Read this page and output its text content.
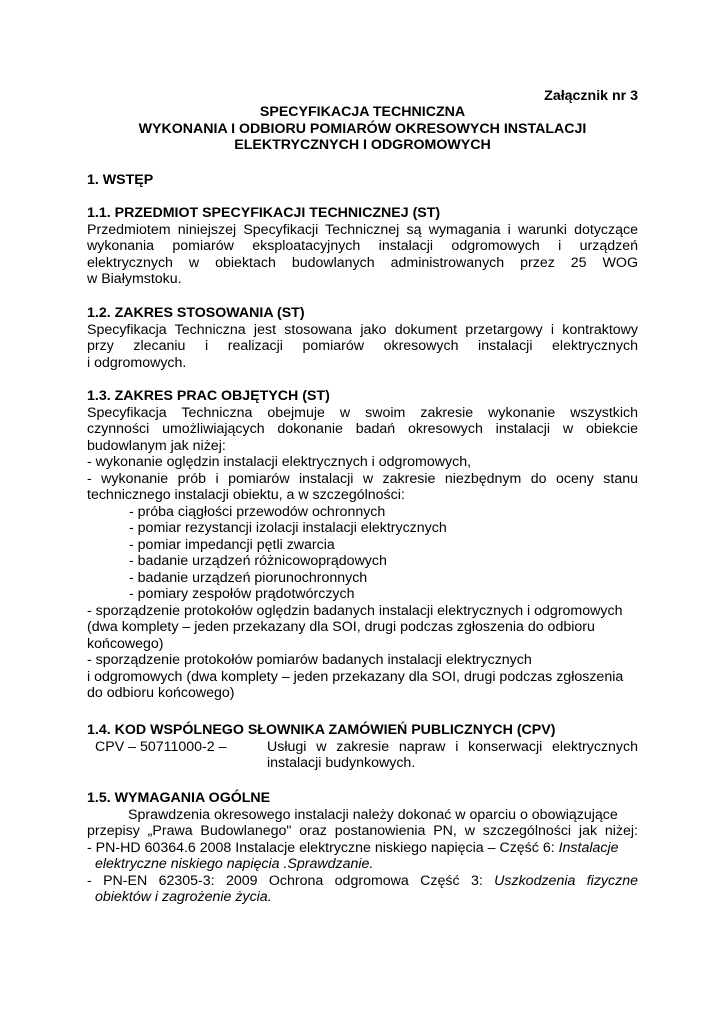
Załącznik nr 3
SPECYFIKACJA TECHNICZNA
WYKONANIA I ODBIORU POMIARÓW OKRESOWYCH INSTALACJI
ELEKTRYCZNYCH I ODGROMOWYCH
1. WSTĘP
1.1. PRZEDMIOT SPECYFIKACJI TECHNICZNEJ (ST)
Przedmiotem niniejszej Specyfikacji Technicznej są wymagania i warunki dotyczące
wykonania pomiarów eksploatacyjnych instalacji odgromowych i urządzeń
elektrycznych w obiektach budowlanych administrowanych przez 25 WOG
w Białymstoku.
1.2. ZAKRES STOSOWANIA (ST)
Specyfikacja Techniczna jest stosowana jako dokument przetargowy i kontraktowy
przy zlecaniu i realizacji pomiarów okresowych instalacji elektrycznych
i odgromowych.
1.3. ZAKRES PRAC OBJĘTYCH (ST)
Specyfikacja Techniczna obejmuje w swoim zakresie wykonanie wszystkich
czynności umożliwiających dokonanie badań okresowych instalacji w obiekcie
budowlanym jak niżej:
- wykonanie oględzin instalacji elektrycznych i odgromowych,
- wykonanie prób i pomiarów instalacji w zakresie niezbędnym do oceny stanu
technicznego instalacji obiektu, a w szczególności:
- próba ciągłości przewodów ochronnych
- pomiar rezystancji izolacji instalacji elektrycznych
- pomiar impedancji pętli zwarcia
- badanie urządzeń różnicowoprądowych
- badanie urządzeń piorunochronnych
- pomiary zespołów prądotwórczych
- sporządzenie protokołów oględzin badanych instalacji elektrycznych i odgromowych
(dwa komplety – jeden przekazany dla SOI, drugi podczas zgłoszenia do odbioru
końcowego)
- sporządzenie protokołów pomiarów badanych instalacji elektrycznych
i odgromowych (dwa komplety – jeden przekazany dla SOI, drugi podczas zgłoszenia
do odbioru końcowego)
1.4. KOD WSPÓLNEGO SŁOWNIKA ZAMÓWIEŃ PUBLICZNYCH (CPV)
CPV – 50711000-2 –	Usługi w zakresie napraw i konserwacji elektrycznych
instalacji budynkowych.
1.5. WYMAGANIA OGÓLNE
Sprawdzenia okresowego instalacji należy dokonać w oparciu o obowiązujące
przepisy „Prawa Budowlanego" oraz postanowienia PN, w szczególności jak niżej:
- PN-HD 60364.6 2008 Instalacje elektryczne niskiego napięcia – Część 6: Instalacje
elektryczne niskiego napięcia .Sprawdzanie.
- PN-EN 62305-3: 2009 Ochrona odgromowa Część 3: Uszkodzenia fizyczne
obiektów i zagrożenie życia.
